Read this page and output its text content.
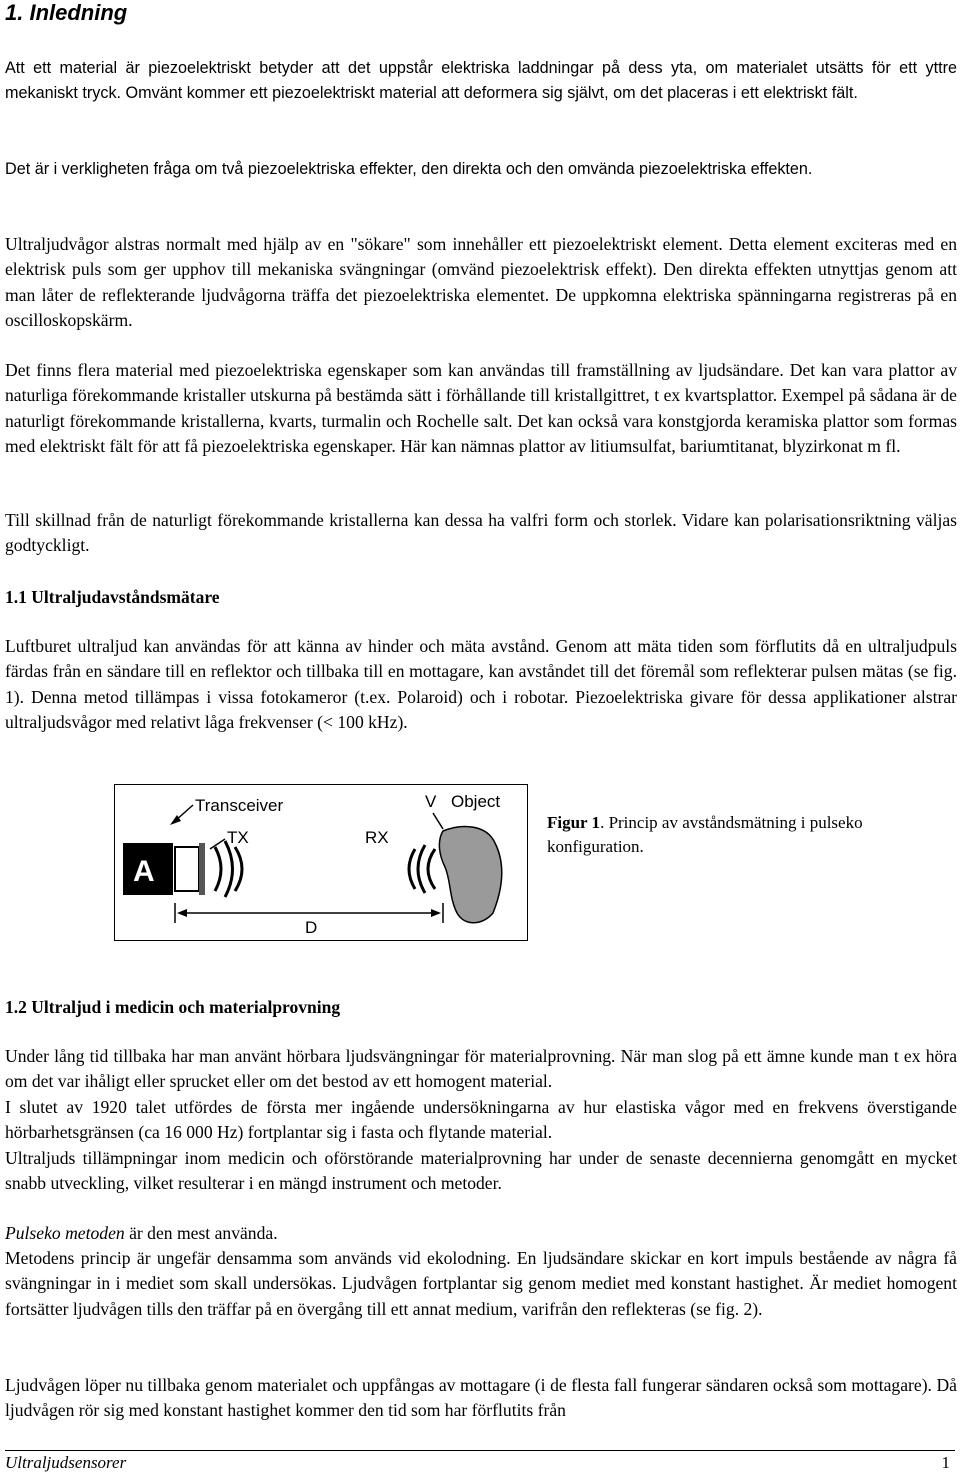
1. Inledning

Att ett material är piezoelektriskt betyder att det uppstår elektriska laddningar på dess yta, om materialet utsätts för ett yttre mekaniskt tryck. Omvänt kommer ett piezoelektriskt material att deformera sig självt, om det placeras i ett elektriskt fält.

Det är i verkligheten fråga om två piezoelektriska effekter, den direkta och den omvända piezoelektriska effekten.

Ultraljudvågor alstras normalt med hjälp av en "sökare" som innehåller ett piezoelektriskt element. Detta element exciteras med en elektrisk puls som ger upphov till mekaniska svängningar (omvänd piezoelektrisk effekt). Den direkta effekten utnyttjas genom att man låter de reflekterande ljudvågorna träffa det piezoelektriska elementet. De uppkomna elektriska spänningarna registreras på en oscilloskopskärm.

Det finns flera material med piezoelektriska egenskaper som kan användas till framställning av ljudsändare. Det kan vara plattor av naturliga förekommande kristaller utskurna på bestämda sätt i förhållande till kristallgittret, t ex kvartsplattor. Exempel på sådana är de naturligt förekommande kristallerna, kvarts, turmalin och Rochelle salt. Det kan också vara konstgjorda keramiska plattor som formas med elektriskt fält för att få piezoelektriska egenskaper. Här kan nämnas plattor av litiumsulfat, bariumtitanat, blyzirkonat m fl.

Till skillnad från de naturligt förekommande kristallerna kan dessa ha valfri form och storlek. Vidare kan polarisationsriktning väljas godtyckligt.

1.1 Ultraljudavståndsmätare

Luftburet ultraljud kan användas för att känna av hinder och mäta avstånd. Genom att mäta tiden som förflutits då en ultraljudpuls färdas från en sändare till en reflektor och tillbaka till en mottagare, kan avståndet till det föremål som reflekterar pulsen mätas (se fig. 1). Denna metod tillämpas i vissa fotokameror (t.ex. Polaroid) och i robotar. Piezoelektriska givare för dessa applikationer alstrar ultraljudsvågor med relativt låga frekvenser (< 100 kHz).

A
Transceiver
TX	RX
V Object
D

Figur 1. Princip av avståndsmätning i pulseko konfiguration.

1.2 Ultraljud i medicin och materialprovning

Under lång tid tillbaka har man använt hörbara ljudsvängningar för materialprovning. När man slog på ett ämne kunde man t ex höra om det var ihåligt eller sprucket eller om det bestod av ett homogent material.

I slutet av 1920 talet utfördes de första mer ingående undersökningarna av hur elastiska vågor med en frekvens överstigande hörbarhetsgränsen (ca 16 000 Hz) fortplantar sig i fasta och flytande material.

Ultraljuds tillämpningar inom medicin och oförstörande materialprovning har under de senaste decennierna genomgått en mycket snabb utveckling, vilket resulterar i en mängd instrument och metoder.

Pulseko metoden är den mest använda.

Metodens princip är ungefär densamma som används vid ekolodning. En ljudsändare skickar en kort impuls bestående av några få svängningar in i mediet som skall undersökas. Ljudvågen fortplantar sig genom mediet med konstant hastighet. Är mediet homogent fortsätter ljudvågen tills den träffar på en övergång till ett annat medium, varifrån den reflekteras (se fig. 2).

Ljudvågen löper nu tillbaka genom materialet och uppfångas av mottagare (i de flesta fall fungerar sändaren också som mottagare). Då ljudvågen rör sig med konstant hastighet kommer den tid som har förflutits från

Ultraljudsensorer	1
